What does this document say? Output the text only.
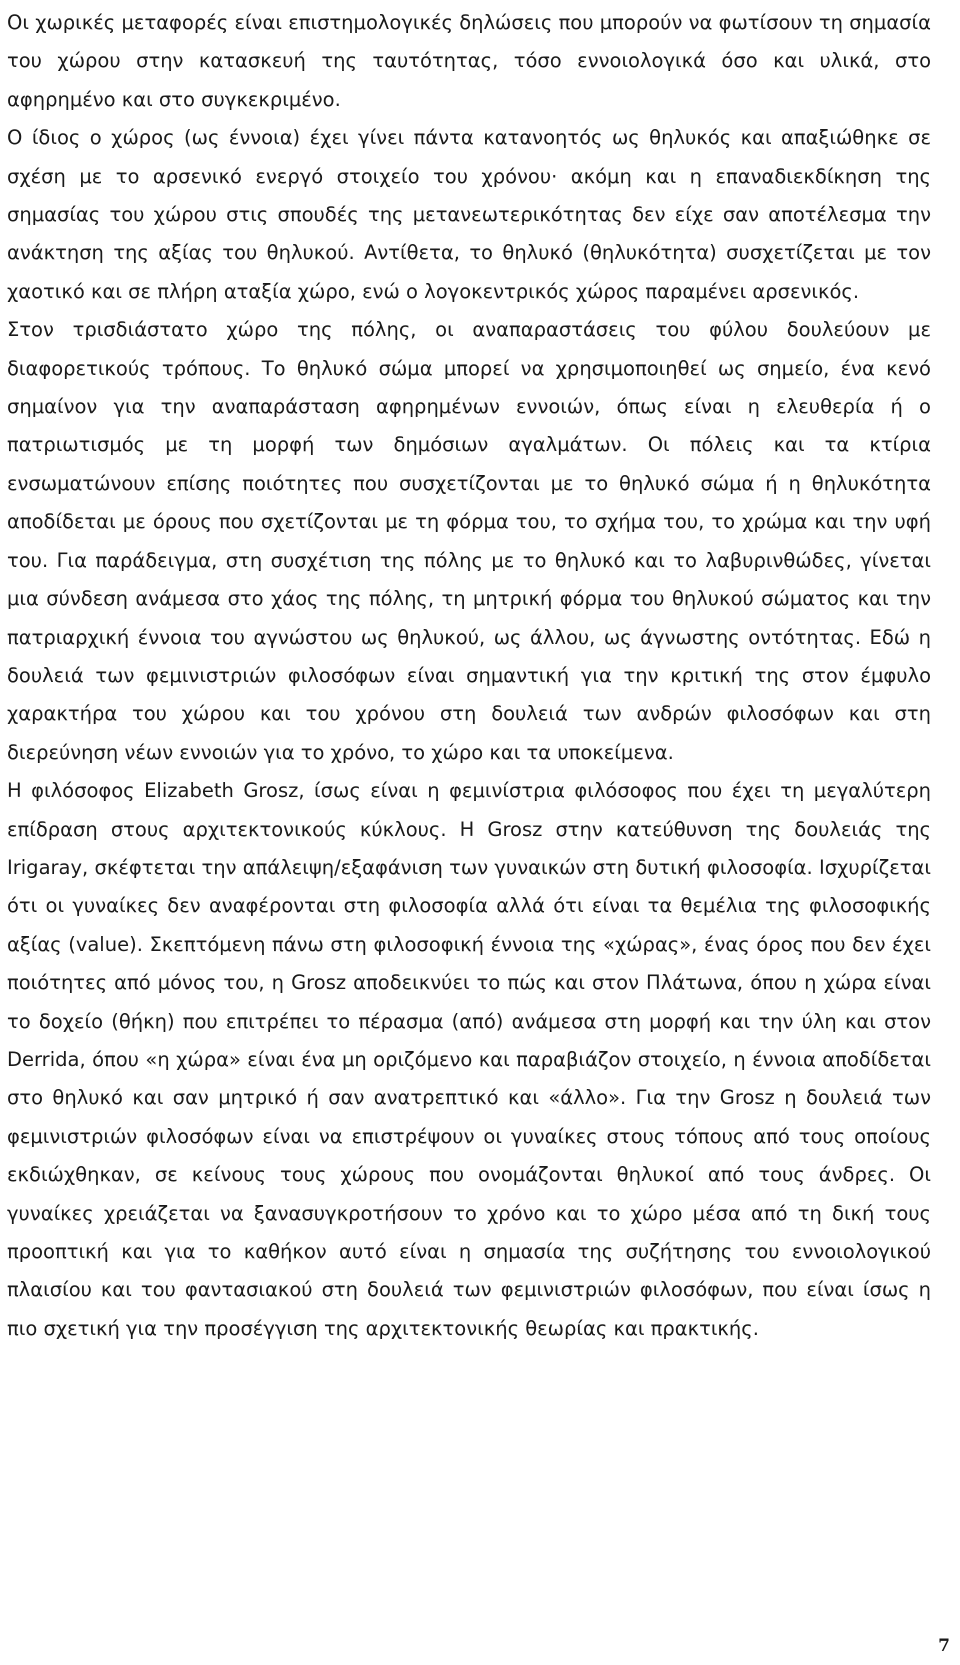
Οι χωρικές μεταφορές είναι επιστημολογικές δηλώσεις που μπορούν να φωτίσουν τη σημασία του χώρου στην κατασκευή της ταυτότητας, τόσο εννοιολογικά όσο και υλικά, στο αφηρημένο και στο συγκεκριμένο.

Ο ίδιος ο χώρος (ως έννοια) έχει γίνει πάντα κατανοητός ως θηλυκός και απαξιώθηκε σε σχέση με το αρσενικό ενεργό στοιχείο του χρόνου· ακόμη και η επαναδιεκδίκηση της σημασίας του χώρου στις σπουδές της μετανεωτερικότητας δεν είχε σαν αποτέλεσμα την ανάκτηση της αξίας του θηλυκού. Αντίθετα, το θηλυκό (θηλυκότητα) συσχετίζεται με τον χαοτικό και σε πλήρη αταξία χώρο, ενώ ο λογοκεντρικός χώρος παραμένει αρσενικός.

Στον τρισδιάστατο χώρο της πόλης, οι αναπαραστάσεις του φύλου δουλεύουν με διαφορετικούς τρόπους. Το θηλυκό σώμα μπορεί να χρησιμοποιηθεί ως σημείο, ένα κενό σημαίνον για την αναπαράσταση αφηρημένων εννοιών, όπως είναι η ελευθερία ή ο πατριωτισμός με τη μορφή των δημόσιων αγαλμάτων. Οι πόλεις και τα κτίρια ενσωματώνουν επίσης ποιότητες που συσχετίζονται με το θηλυκό σώμα ή η θηλυκότητα αποδίδεται με όρους που σχετίζονται με τη φόρμα του, το σχήμα του, το χρώμα και την υφή του. Για παράδειγμα, στη συσχέτιση της πόλης με το θηλυκό και το λαβυρινθώδες, γίνεται μια σύνδεση ανάμεσα στο χάος της πόλης, τη μητρική φόρμα του θηλυκού σώματος και την πατριαρχική έννοια του αγνώστου ως θηλυκού, ως άλλου, ως άγνωστης οντότητας. Εδώ η δουλειά των φεμινιστριών φιλοσόφων είναι σημαντική για την κριτική της στον έμφυλο χαρακτήρα του χώρου και του χρόνου στη δουλειά των ανδρών φιλοσόφων και στη διερεύνηση νέων εννοιών για το χρόνο, το χώρο και τα υποκείμενα.

Η φιλόσοφος Elizabeth Grosz, ίσως είναι η φεμινίστρια φιλόσοφος που έχει τη μεγαλύτερη επίδραση στους αρχιτεκτονικούς κύκλους. Η Grosz στην κατεύθυνση της δουλειάς της Irigaray, σκέφτεται την απάλειψη/εξαφάνιση των γυναικών στη δυτική φιλοσοφία. Ισχυρίζεται ότι οι γυναίκες δεν αναφέρονται στη φιλοσοφία αλλά ότι είναι τα θεμέλια της φιλοσοφικής αξίας (value). Σκεπτόμενη πάνω στη φιλοσοφική έννοια της «χώρας», ένας όρος που δεν έχει ποιότητες από μόνος του, η Grosz αποδεικνύει το πώς και στον Πλάτωνα, όπου η χώρα είναι το δοχείο (θήκη) που επιτρέπει το πέρασμα (από) ανάμεσα στη μορφή και την ύλη και στον Derrida, όπου «η χώρα» είναι ένα μη οριζόμενο και παραβιάζον στοιχείο, η έννοια αποδίδεται στο θηλυκό και σαν μητρικό ή σαν ανατρεπτικό και «άλλο». Για την Grosz η δουλειά των φεμινιστριών φιλοσόφων είναι να επιστρέψουν οι γυναίκες στους τόπους από τους οποίους εκδιώχθηκαν, σε κείνους τους χώρους που ονομάζονται θηλυκοί από τους άνδρες. Οι γυναίκες χρειάζεται να ξανασυγκροτήσουν το χρόνο και το χώρο μέσα από τη δική τους προοπτική και για το καθήκον αυτό είναι η σημασία της συζήτησης του εννοιολογικού πλαισίου και του φαντασιακού στη δουλειά των φεμινιστριών φιλοσόφων, που είναι ίσως η πιο σχετική για την προσέγγιση της αρχιτεκτονικής θεωρίας και πρακτικής.

7
